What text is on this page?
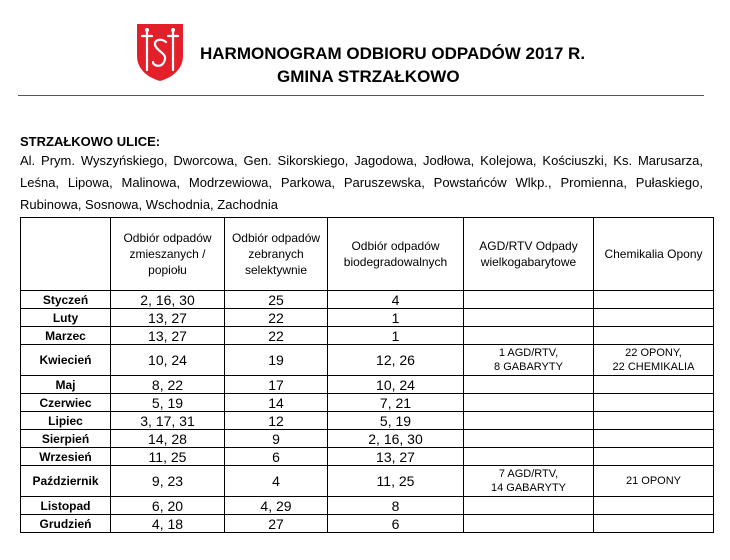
HARMONOGRAM ODBIORU ODPADÓW 2017 R.
GMINA STRZAŁKOWO
STRZAŁKOWO ULICE:
Al. Prym. Wyszyńskiego, Dworcowa, Gen. Sikorskiego, Jagodowa, Jodłowa, Kolejowa, Kościuszki, Ks. Marusarza, Leśna, Lipowa, Malinowa, Modrzewiowa, Parkowa, Paruszewska, Powstańców Wlkp., Promienna, Pułaskiego, Rubinowa, Sosnowa, Wschodnia, Zachodnia
	Odbiór odpadów zmieszanych / popiołu	Odbiór odpadów zebranych selektywnie	Odbiór odpadów biodegradowalnych	AGD/RTV Odpady wielkogabarytowe	Chemikalia Opony
Styczeń	2, 16, 30	25	4	

Luty	13, 27	22	1	

Marzec	13, 27	22	1	

Kwiecień	10, 24	19	12, 26	1 AGD/RTV,
8 GABARYTY	22 OPONY,
22 CHEMIKALIA
Maj	8, 22	17	10, 24	

Czerwiec	5, 19	14	7, 21	

Lipiec	3, 17, 31	12	5, 19	

Sierpień	14, 28	9	2, 16, 30	

Wrzesień	11, 25	6	13, 27	

Październik	9, 23	4	11, 25	7 AGD/RTV,
14 GABARYTY	21 OPONY

Listopad	6, 20	4, 29	8	

Grudzień	4, 18	27	6	
